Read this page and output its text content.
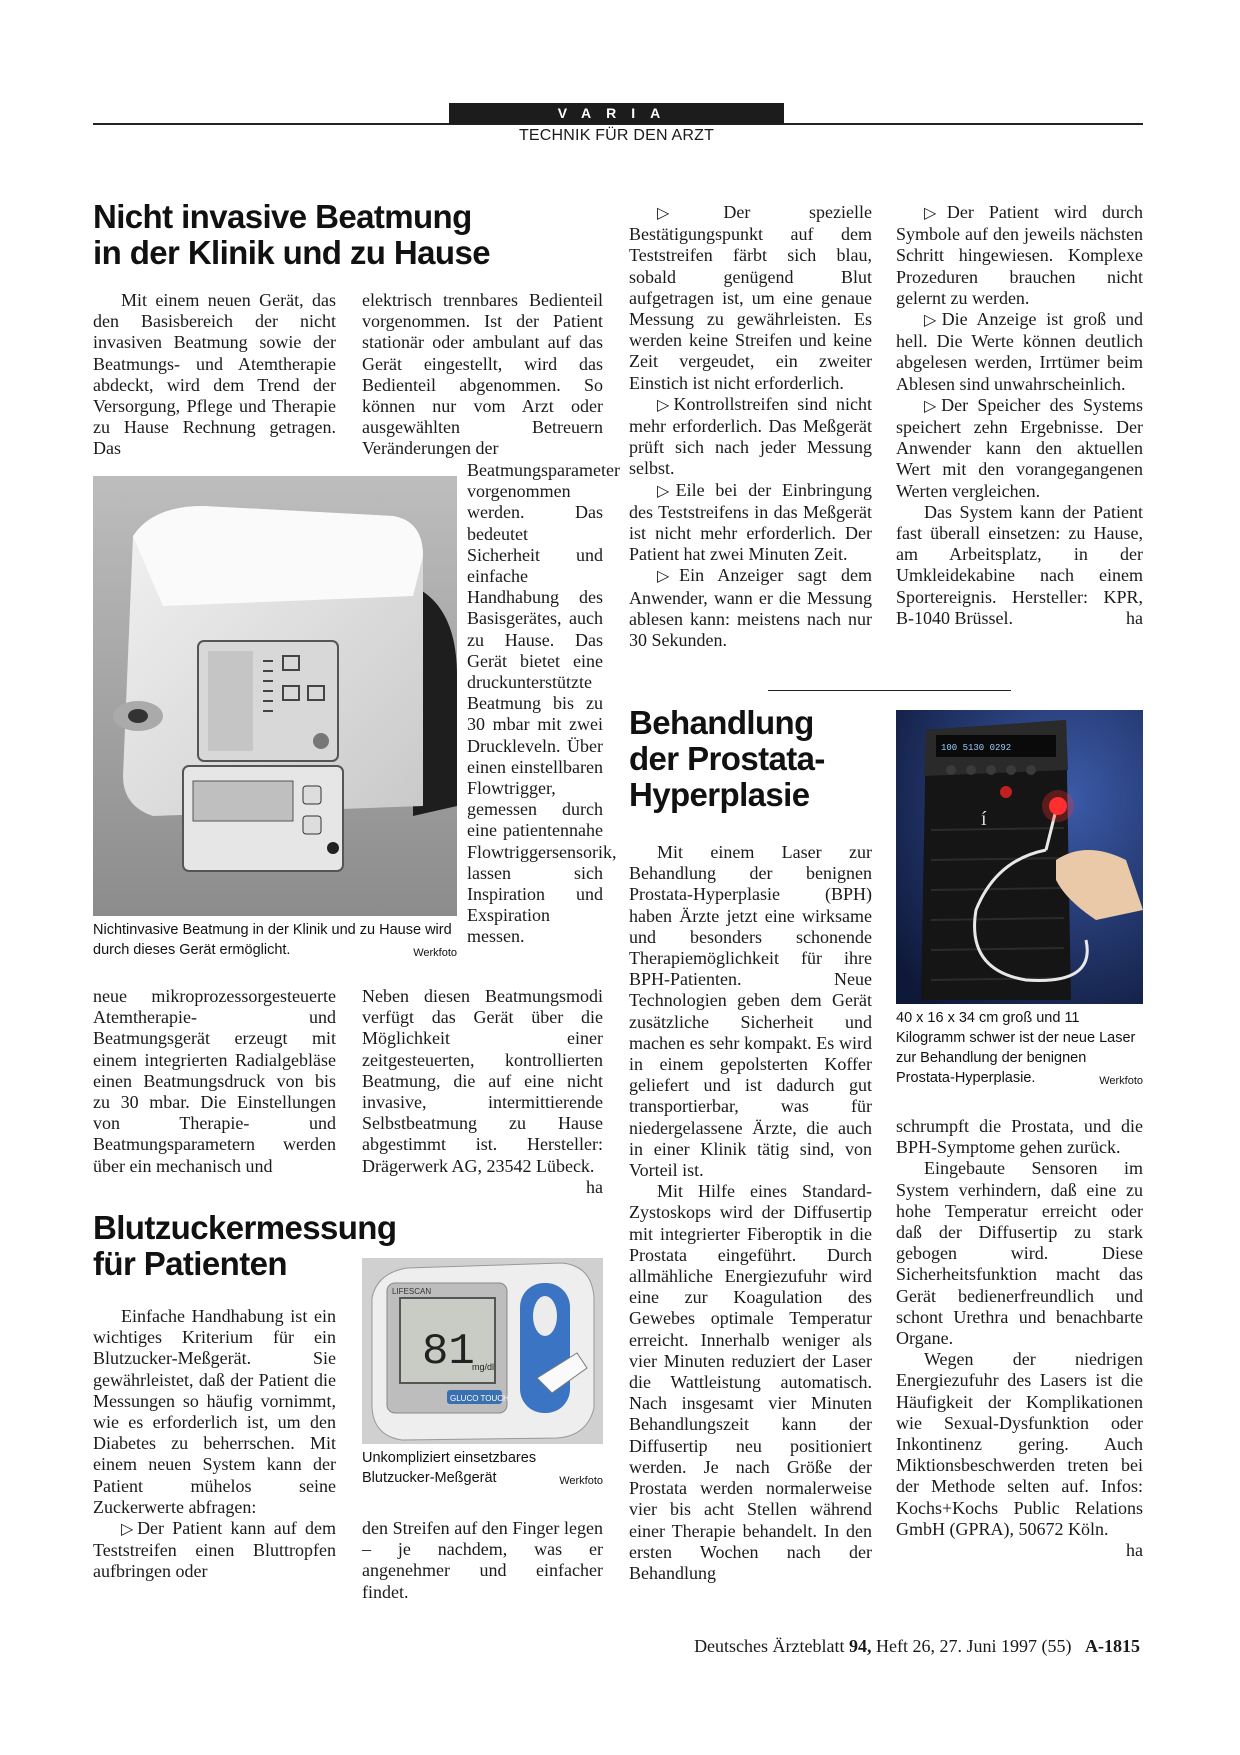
VARIA
TECHNIK FÜR DEN ARZT
Nicht invasive Beatmung
in der Klinik und zu Hause

Mit einem neuen Gerät, das den Basisbereich der nicht invasiven Beatmung sowie der Beatmungs- und Atemtherapie abdeckt, wird dem Trend der Versorgung, Pflege und Therapie zu Hause Rechnung getragen. Das

elektrisch trennbares Bedienteil vorgenommen. Ist der Patient stationär oder ambulant auf das Gerät eingestellt, wird das Bedienteil abgenommen. So können nur vom Arzt oder ausgewählten Betreuern Veränderungen der

Beatmungsparameter vorgenommen werden. Das bedeutet Sicherheit und einfache Handhabung des Basisgerätes, auch zu Hause. Das Gerät bietet eine druckunterstützte Beatmung bis zu 30 mbar mit zwei Druckleveln. Über einen einstellbaren Flowtrigger, gemessen durch eine patientennahe Flowtriggersensorik, lassen sich Inspiration und Exspiration messen.

Nichtinvasive Beatmung in der Klinik und zu Hause wird durch dieses Gerät ermöglicht.	Werkfoto

neue mikroprozessorgesteuerte Atemtherapie- und Beatmungsgerät erzeugt mit einem integrierten Radialgebläse einen Beatmungsdruck von bis zu 30 mbar. Die Einstellungen von Therapie- und Beatmungsparametern werden über ein mechanisch und

Neben diesen Beatmungsmodi verfügt das Gerät über die Möglichkeit einer zeitgesteuerten, kontrollierten Beatmung, die auf eine nicht invasive, intermittierende Selbstbeatmung zu Hause abgestimmt ist. Hersteller: Drägerwerk AG, 23542 Lübeck.
ha

Blutzuckermessung
für Patienten

Einfache Handhabung ist ein wichtiges Kriterium für ein Blutzucker-Meßgerät. Sie gewährleistet, daß der Patient die Messungen so häufig vornimmt, wie es erforderlich ist, um den Diabetes zu beherrschen. Mit einem neuen System kann der Patient mühelos seine Zuckerwerte abfragen:

▷Der Patient kann auf dem Teststreifen einen Bluttropfen aufbringen oder

81
mg/dl
LIFESCAN
GLUCO TOUCH
Unkompliziert einsetzbares Blutzucker-Meßgerät	Werkfoto

den Streifen auf den Finger legen – je nachdem, was er angenehmer und einfacher findet.

▷Der spezielle Bestätigungspunkt auf dem Teststreifen färbt sich blau, sobald genügend Blut aufgetragen ist, um eine genaue Messung zu gewährleisten. Es werden keine Streifen und keine Zeit vergeudet, ein zweiter Einstich ist nicht erforderlich.

▷Kontrollstreifen sind nicht mehr erforderlich. Das Meßgerät prüft sich nach jeder Messung selbst.

▷Eile bei der Einbringung des Teststreifens in das Meßgerät ist nicht mehr erforderlich. Der Patient hat zwei Minuten Zeit.

▷Ein Anzeiger sagt dem Anwender, wann er die Messung ablesen kann: meistens nach nur 30 Sekunden.

▷Der Patient wird durch Symbole auf den jeweils nächsten Schritt hingewiesen. Komplexe Prozeduren brauchen nicht gelernt zu werden.

▷Die Anzeige ist groß und hell. Die Werte können deutlich abgelesen werden, Irrtümer beim Ablesen sind unwahrscheinlich.

▷Der Speicher des Systems speichert zehn Ergebnisse. Der Anwender kann den aktuellen Wert mit den vorangegangenen Werten vergleichen.

Das System kann der Patient fast überall einsetzen: zu Hause, am Arbeitsplatz, in der Umkleidekabine nach einem Sportereignis. Hersteller: KPR, B-1040 Brüssel.	ha

Behandlung
der Prostata-
Hyperplasie

Mit einem Laser zur Behandlung der benignen Prostata-Hyperplasie (BPH) haben Ärzte jetzt eine wirksame und besonders schonende Therapiemöglichkeit für ihre BPH-Patienten. Neue Technologien geben dem Gerät zusätzliche Sicherheit und machen es sehr kompakt. Es wird in einem gepolsterten Koffer geliefert und ist dadurch gut transportierbar, was für niedergelassene Ärzte, die auch in einer Klinik tätig sind, von Vorteil ist.

Mit Hilfe eines Standard-Zystoskops wird der Diffusertip mit integrierter Fiberoptik in die Prostata eingeführt. Durch allmähliche Energiezufuhr wird eine zur Koagulation des Gewebes optimale Temperatur erreicht. Innerhalb weniger als vier Minuten reduziert der Laser die Wattleistung automatisch. Nach insgesamt vier Minuten Behandlungszeit kann der Diffusertip neu positioniert werden. Je nach Größe der Prostata werden normalerweise vier bis acht Stellen während einer Therapie behandelt. In den ersten Wochen nach der Behandlung

100 5130 0292
í
40 x 16 x 34 cm groß und 11 Kilogramm schwer ist der neue Laser zur Behandlung der benignen Prostata-Hyperplasie.	Werkfoto

schrumpft die Prostata, und die BPH-Symptome gehen zurück.

Eingebaute Sensoren im System verhindern, daß eine zu hohe Temperatur erreicht oder daß der Diffusertip zu stark gebogen wird. Diese Sicherheitsfunktion macht das Gerät bedienerfreundlich und schont Urethra und benachbarte Organe.

Wegen der niedrigen Energiezufuhr des Lasers ist die Häufigkeit der Komplikationen wie Sexual-Dysfunktion oder Inkontinenz gering. Auch Miktionsbeschwerden treten bei der Methode selten auf. Infos: Kochs+Kochs Public Relations GmbH (GPRA), 50672 Köln.
ha

Deutsches Ärzteblatt 94, Heft 26, 27. Juni 1997 (55) A-1815
